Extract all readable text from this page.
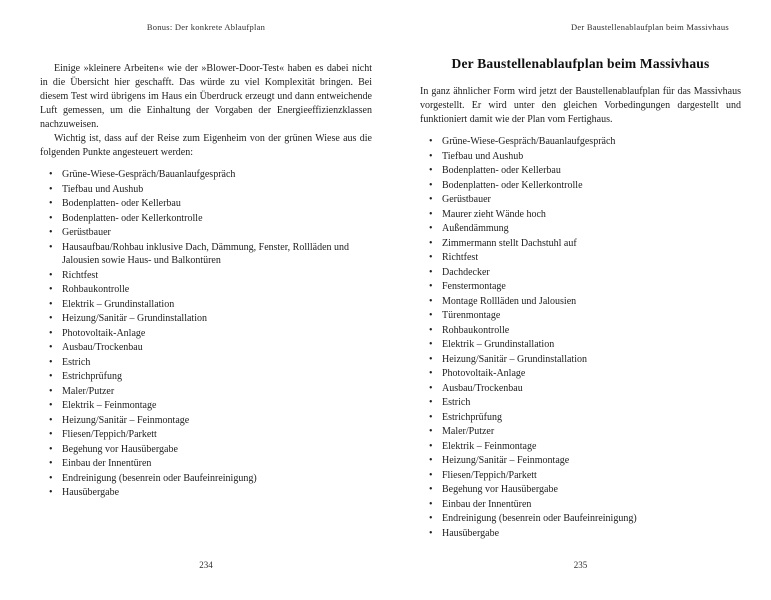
Bonus: Der konkrete Ablaufplan

Einige »kleinere Arbeiten« wie der »Blower-Door-Test« haben es dabei nicht in die Übersicht hier geschafft. Das würde zu viel Komplexität bringen. Bei diesem Test wird übrigens im Haus ein Überdruck erzeugt und dann entweichende Luft gemessen, um die Einhaltung der Vorgaben der Energieeffizienzklassen nachzuweisen.

Wichtig ist, dass auf der Reise zum Eigenheim von der grünen Wiese aus die folgenden Punkte angesteuert werden:

• Grüne-Wiese-Gespräch/Bauanlaufgespräch
• Tiefbau und Aushub
• Bodenplatten- oder Kellerbau
• Bodenplatten- oder Kellerkontrolle
• Gerüstbauer
• Hausaufbau/Rohbau inklusive Dach, Dämmung, Fenster, Rollläden und Jalousien sowie Haus- und Balkontüren
• Richtfest
• Rohbaukontrolle
• Elektrik – Grundinstallation
• Heizung/Sanitär – Grundinstallation
• Photovoltaik-Anlage
• Ausbau/Trockenbau
• Estrich
• Estrichprüfung
• Maler/Putzer
• Elektrik – Feinmontage
• Heizung/Sanitär – Feinmontage
• Fliesen/Teppich/Parkett
• Begehung vor Hausübergabe
• Einbau der Innentüren
• Endreinigung (besenrein oder Baufeinreinigung)
• Hausübergabe
234
Der Baustellenablaufplan beim Massivhaus
Der Baustellenablaufplan beim Massivhaus

In ganz ähnlicher Form wird jetzt der Baustellenablaufplan für das Massivhaus vorgestellt. Er wird unter den gleichen Vorbedingungen dargestellt und funktioniert damit wie der Plan vom Fertighaus.

• Grüne-Wiese-Gespräch/Bauanlaufgespräch
• Tiefbau und Aushub
• Bodenplatten- oder Kellerbau
• Bodenplatten- oder Kellerkontrolle
• Gerüstbauer
• Maurer zieht Wände hoch
• Außendämmung
• Zimmermann stellt Dachstuhl auf
• Richtfest
• Dachdecker
• Fenstermontage
• Montage Rollläden und Jalousien
• Türenmontage
• Rohbaukontrolle
• Elektrik – Grundinstallation
• Heizung/Sanitär – Grundinstallation
• Photovoltaik-Anlage
• Ausbau/Trockenbau
• Estrich
• Estrichprüfung
• Maler/Putzer
• Elektrik – Feinmontage
• Heizung/Sanitär – Feinmontage
• Fliesen/Teppich/Parkett
• Begehung vor Hausübergabe
• Einbau der Innentüren
• Endreinigung (besenrein oder Baufeinreinigung)
• Hausübergabe
235
